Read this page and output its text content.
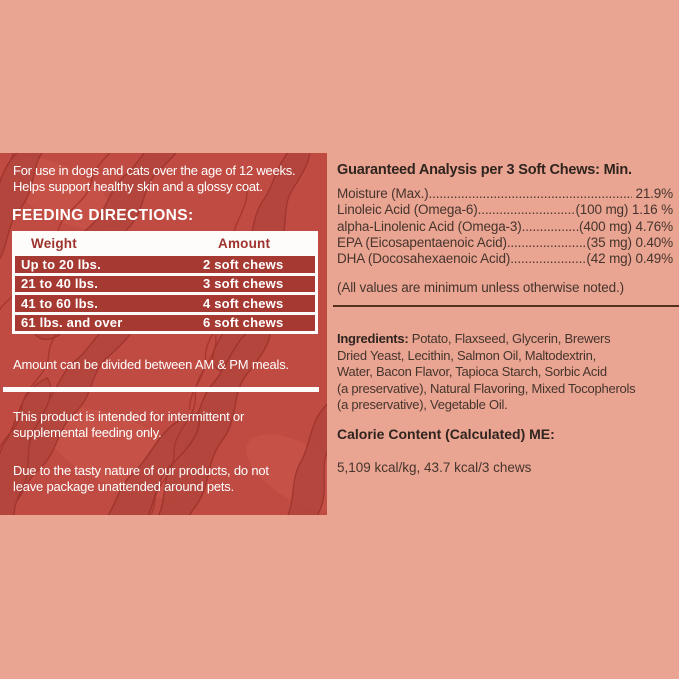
For use in dogs and cats over the age of 12 weeks.
Helps support healthy skin and a glossy coat.
FEEDING DIRECTIONS:
Weight	Amount
Up to 20 lbs.	2 soft chews
21 to 40 lbs.	3 soft chews
41 to 60 lbs.	4 soft chews
61 lbs. and over	6 soft chews

Amount can be divided between AM & PM meals.

This product is intended for intermittent or
supplemental feeding only.
Due to the tasty nature of our products, do not
leave package unattended around pets.
Guaranteed Analysis per 3 Soft Chews: Min.
Moisture (Max.) .....	21.9%
Linoleic Acid (Omega-6) .....	(100 mg) 1.16 %
alpha-Linolenic Acid (Omega-3) .....	(400 mg) 4.76%
EPA (Eicosapentaenoic Acid) .....	(35 mg) 0.40%
DHA (Docosahexaenoic Acid) .....	(42 mg) 0.49%

(All values are minimum unless otherwise noted.)

Ingredients: Potato, Flaxseed, Glycerin, Brewers
Dried Yeast, Lecithin, Salmon Oil, Maltodextrin,
Water, Bacon Flavor, Tapioca Starch, Sorbic Acid
(a preservative), Natural Flavoring, Mixed Tocopherols
(a preservative), Vegetable Oil.
Calorie Content (Calculated) ME:

5,109 kcal/kg, 43.7 kcal/3 chews
